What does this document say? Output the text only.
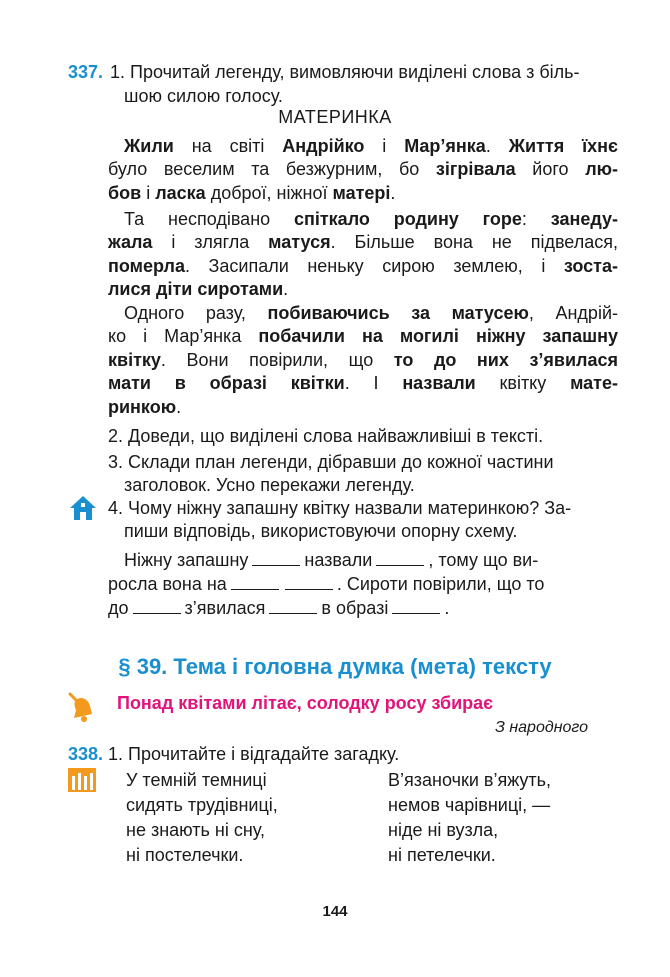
337. 1. Прочитай легенду, вимовляючи виділені слова з біль-
шою силою голосу.
МАТЕРИНКА
Жили на світі Андрійко і Мар’янка. Життя їхнє
було веселим та безжурним, бо зігрівала його лю-
бов і ласка доброї, ніжної матері.
Та несподівано спіткало родину горе: занеду-
жала і злягла матуся. Більше вона не підвелася,
померла. Засипали неньку сирою землею, і зоста-
лися діти сиротами.
Одного разу, побиваючись за матусею, Андрій-
ко і Мар’янка побачили на могилі ніжну запашну
квітку. Вони повірили, що то до них з’явилася
мати в образі квітки. І назвали квітку мате-
ринкою.
2. Доведи, що виділені слова найважливіші в тексті.
3. Склади план легенди, дібравши до кожної частини
заголовок. Усно перекажи легенду.
4. Чому ніжну запашну квітку назвали материнкою? За-
пиши відповідь, використовуючи опорну схему.
Ніжну запашну	назвали	, тому що ви-
росла вона на	. Сироти повірили, що то
до	з’явилася	в образі	.
§ 39. Тема і головна думка (мета) тексту
Понад квітами літає, солодку росу збирає
З народного
338. 1. Прочитайте і відгадайте загадку.
У темній темниці
сидять трудівниці,
не знають ні сну,
ні постелечки.
В’язаночки в’яжуть,
немов чарівниці, —
ніде ні вузла,
ні петелечки.
144
